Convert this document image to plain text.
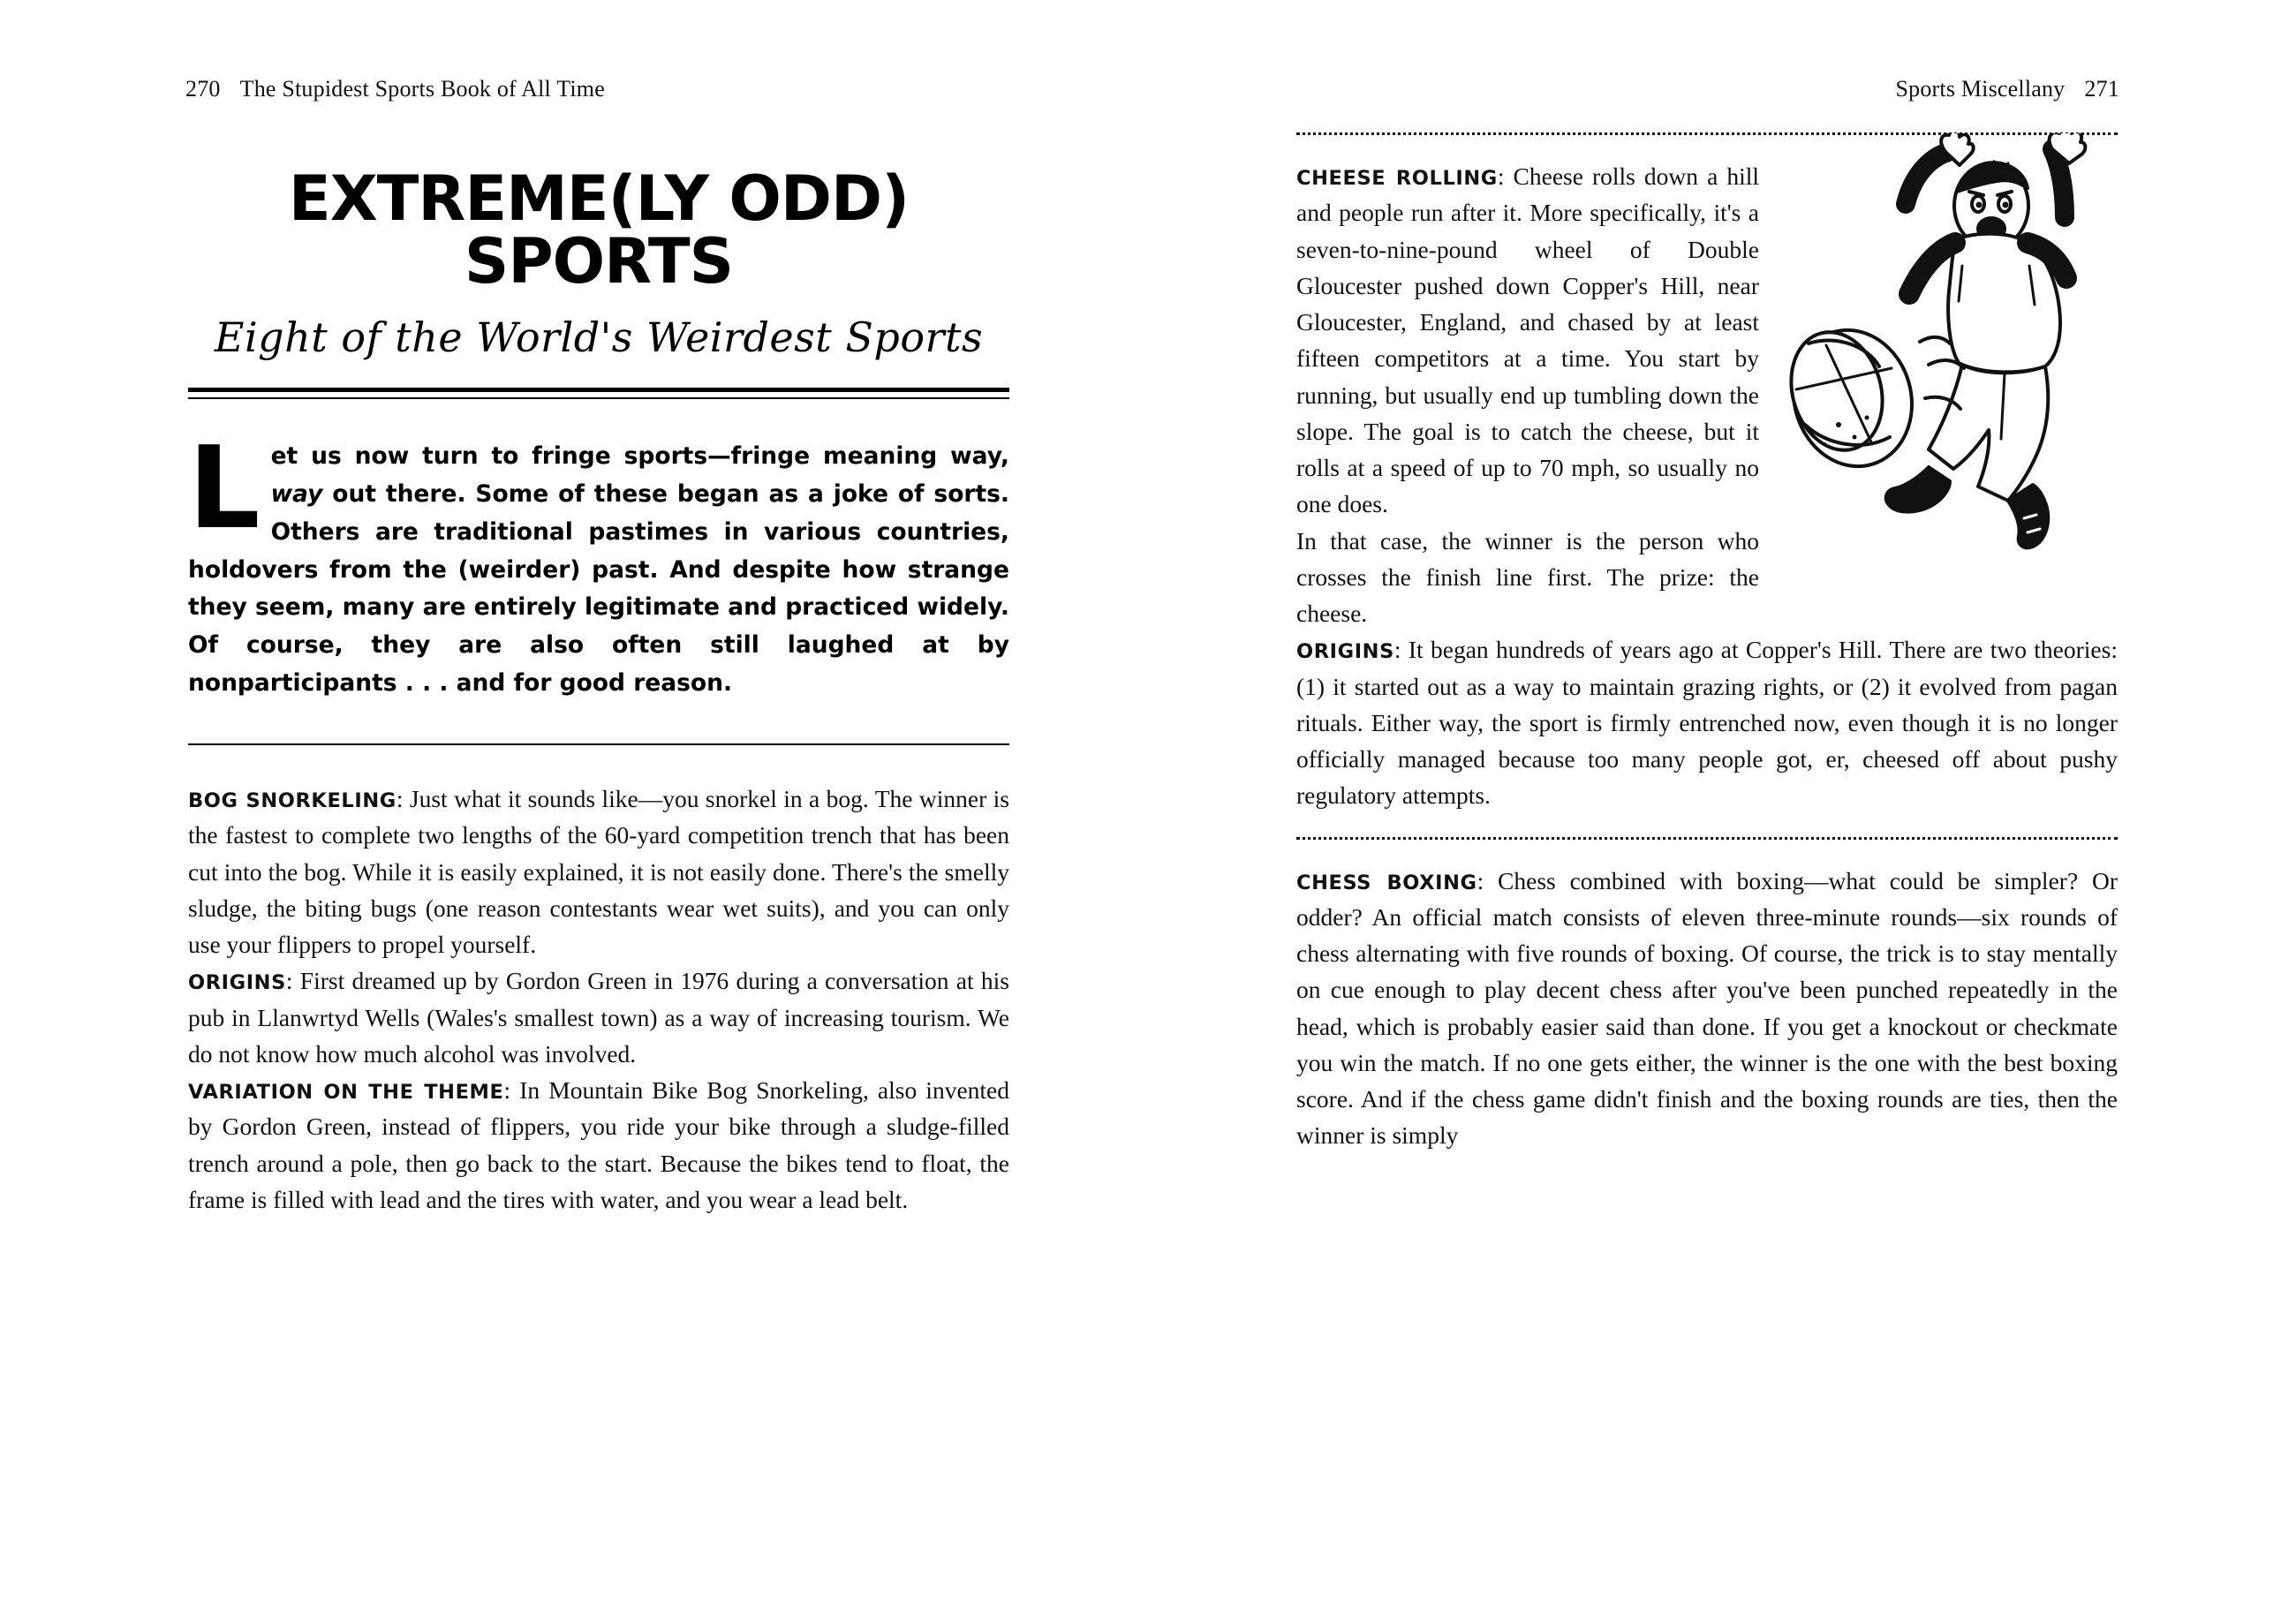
270 The Stupidest Sports Book of All Time	Sports Miscellany 271
EXTREME(LY ODD)
SPORTS
Eight of the World's Weirdest Sports

Let us now turn to fringe sports—fringe meaning way, way out there. Some of these began as a joke of sorts. Others are traditional pastimes in various countries, holdovers from the (weirder) past. And despite how strange they seem, many are entirely legitimate and practiced widely. Of course, they are also often still laughed at by nonparticipants . . . and for good reason.

BOG SNORKELING: Just what it sounds like—you snorkel in a bog. The winner is the fastest to complete two lengths of the 60-yard competition trench that has been cut into the bog. While it is easily explained, it is not easily done. There's the smelly sludge, the biting bugs (one reason contestants wear wet suits), and you can only use your flippers to propel yourself.

ORIGINS: First dreamed up by Gordon Green in 1976 during a conversation at his pub in Llanwrtyd Wells (Wales's smallest town) as a way of increasing tourism. We do not know how much alcohol was involved.

VARIATION ON THE THEME: In Mountain Bike Bog Snorkeling, also invented by Gordon Green, instead of flippers, you ride your bike through a sludge-filled trench around a pole, then go back to the start. Because the bikes tend to float, the frame is filled with lead and the tires with water, and you wear a lead belt.

CHEESE ROLLING: Cheese rolls down a hill and people run after it. More specifically, it's a seven-to-nine-pound wheel of Double Gloucester pushed down Copper's Hill, near Gloucester, England, and chased by at least fifteen competitors at a time. You start by running, but usually end up tumbling down the slope. The goal is to catch the cheese, but it rolls at a speed of up to 70 mph, so usually no one does.

In that case, the winner is the person who crosses the finish line first. The prize: the cheese.

ORIGINS: It began hundreds of years ago at Copper's Hill. There are two theories: (1) it started out as a way to maintain grazing rights, or (2) it evolved from pagan rituals. Either way, the sport is firmly entrenched now, even though it is no longer officially managed because too many people got, er, cheesed off about pushy regulatory attempts.

CHESS BOXING: Chess combined with boxing—what could be simpler? Or odder? An official match consists of eleven three-minute rounds—six rounds of chess alternating with five rounds of boxing. Of course, the trick is to stay mentally on cue enough to play decent chess after you've been punched repeatedly in the head, which is probably easier said than done. If you get a knockout or checkmate you win the match. If no one gets either, the winner is the one with the best boxing score. And if the chess game didn't finish and the boxing rounds are ties, then the winner is simply
